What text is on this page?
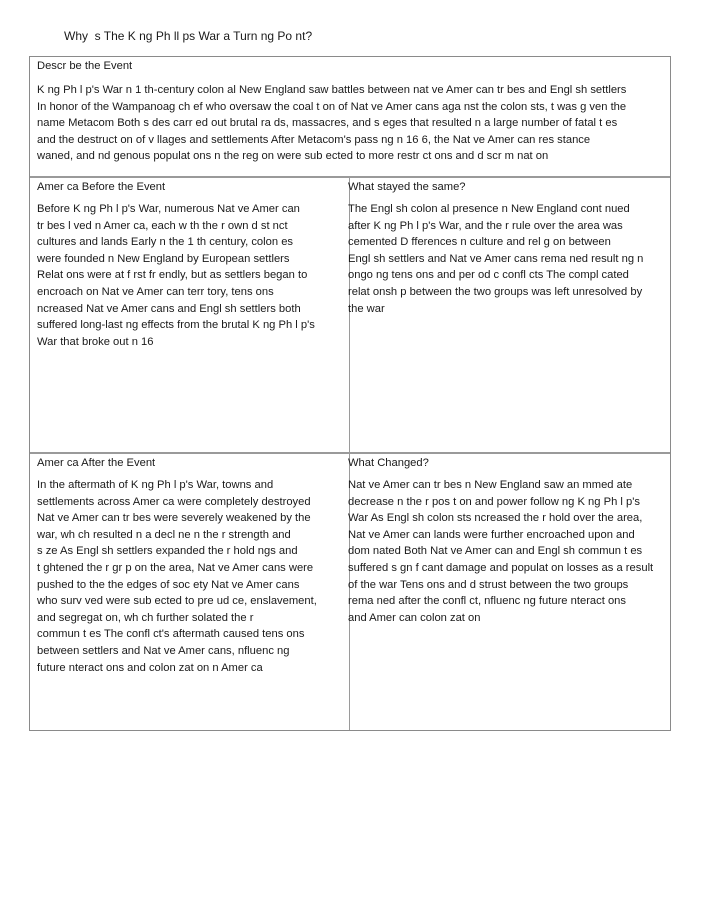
Why  s The K ng Ph ll ps War a Turn ng Po nt?
Descr be the Event
K ng Ph l p's War n 1 th-century colon al New England saw battles between nat ve Amer can tr bes and Engl sh settlers
In honor of the Wampanoag ch ef who oversaw the coal t on of Nat ve Amer cans aga nst the colon sts, t was g ven the
name Metacom Both s des carr ed out brutal ra ds, massacres, and s eges that resulted n a large number of fatal t es
and the destruct on of v llages and settlements After Metacom's pass ng n 16 6, the Nat ve Amer can res stance
waned, and nd genous populat ons n the reg on were sub ected to more restr ct ons and d scr m nat on
Amer ca Before the Event
Before K ng Ph l p's War, numerous Nat ve Amer can
tr bes l ved n Amer ca, each w th the r own d st nct
cultures and lands Early n the 1 th century, colon es
were founded n New England by European settlers
Relat ons were at f rst fr endly, but as settlers began to
encroach on Nat ve Amer can terr tory, tens ons
ncreased Nat ve Amer cans and Engl sh settlers both
suffered long-last ng effects from the brutal K ng Ph l p's
War that broke out n 16
What stayed the same?
The Engl sh colon al presence n New England cont nued
after K ng Ph l p's War, and the r rule over the area was
cemented D fferences n culture and rel g on between
Engl sh settlers and Nat ve Amer cans rema ned result ng n
ongo ng tens ons and per od c confl cts The compl cated
relat onsh p between the two groups was left unresolved by
the war
Amer ca After the Event
In the aftermath of K ng Ph l p's War, towns and
settlements across Amer ca were completely destroyed
Nat ve Amer can tr bes were severely weakened by the
war, wh ch resulted n a decl ne n the r strength and
s ze As Engl sh settlers expanded the r hold ngs and
t ghtened the r gr p on the area, Nat ve Amer cans were
pushed to the the edges of soc ety Nat ve Amer cans
who surv ved were sub ected to pre ud ce, enslavement,
and segregat on, wh ch further solated the r
commun t es The confl ct's aftermath caused tens ons
between settlers and Nat ve Amer cans, nfluenc ng
future nteract ons and colon zat on n Amer ca
What Changed?
Nat ve Amer can tr bes n New England saw an mmed ate
decrease n the r pos t on and power follow ng K ng Ph l p's
War As Engl sh colon sts ncreased the r hold over the area,
Nat ve Amer can lands were further encroached upon and
dom nated Both Nat ve Amer can and Engl sh commun t es
suffered s gn f cant damage and populat on losses as a result
of the war Tens ons and d strust between the two groups
rema ned after the confl ct, nfluenc ng future nteract ons
and Amer can colon zat on
